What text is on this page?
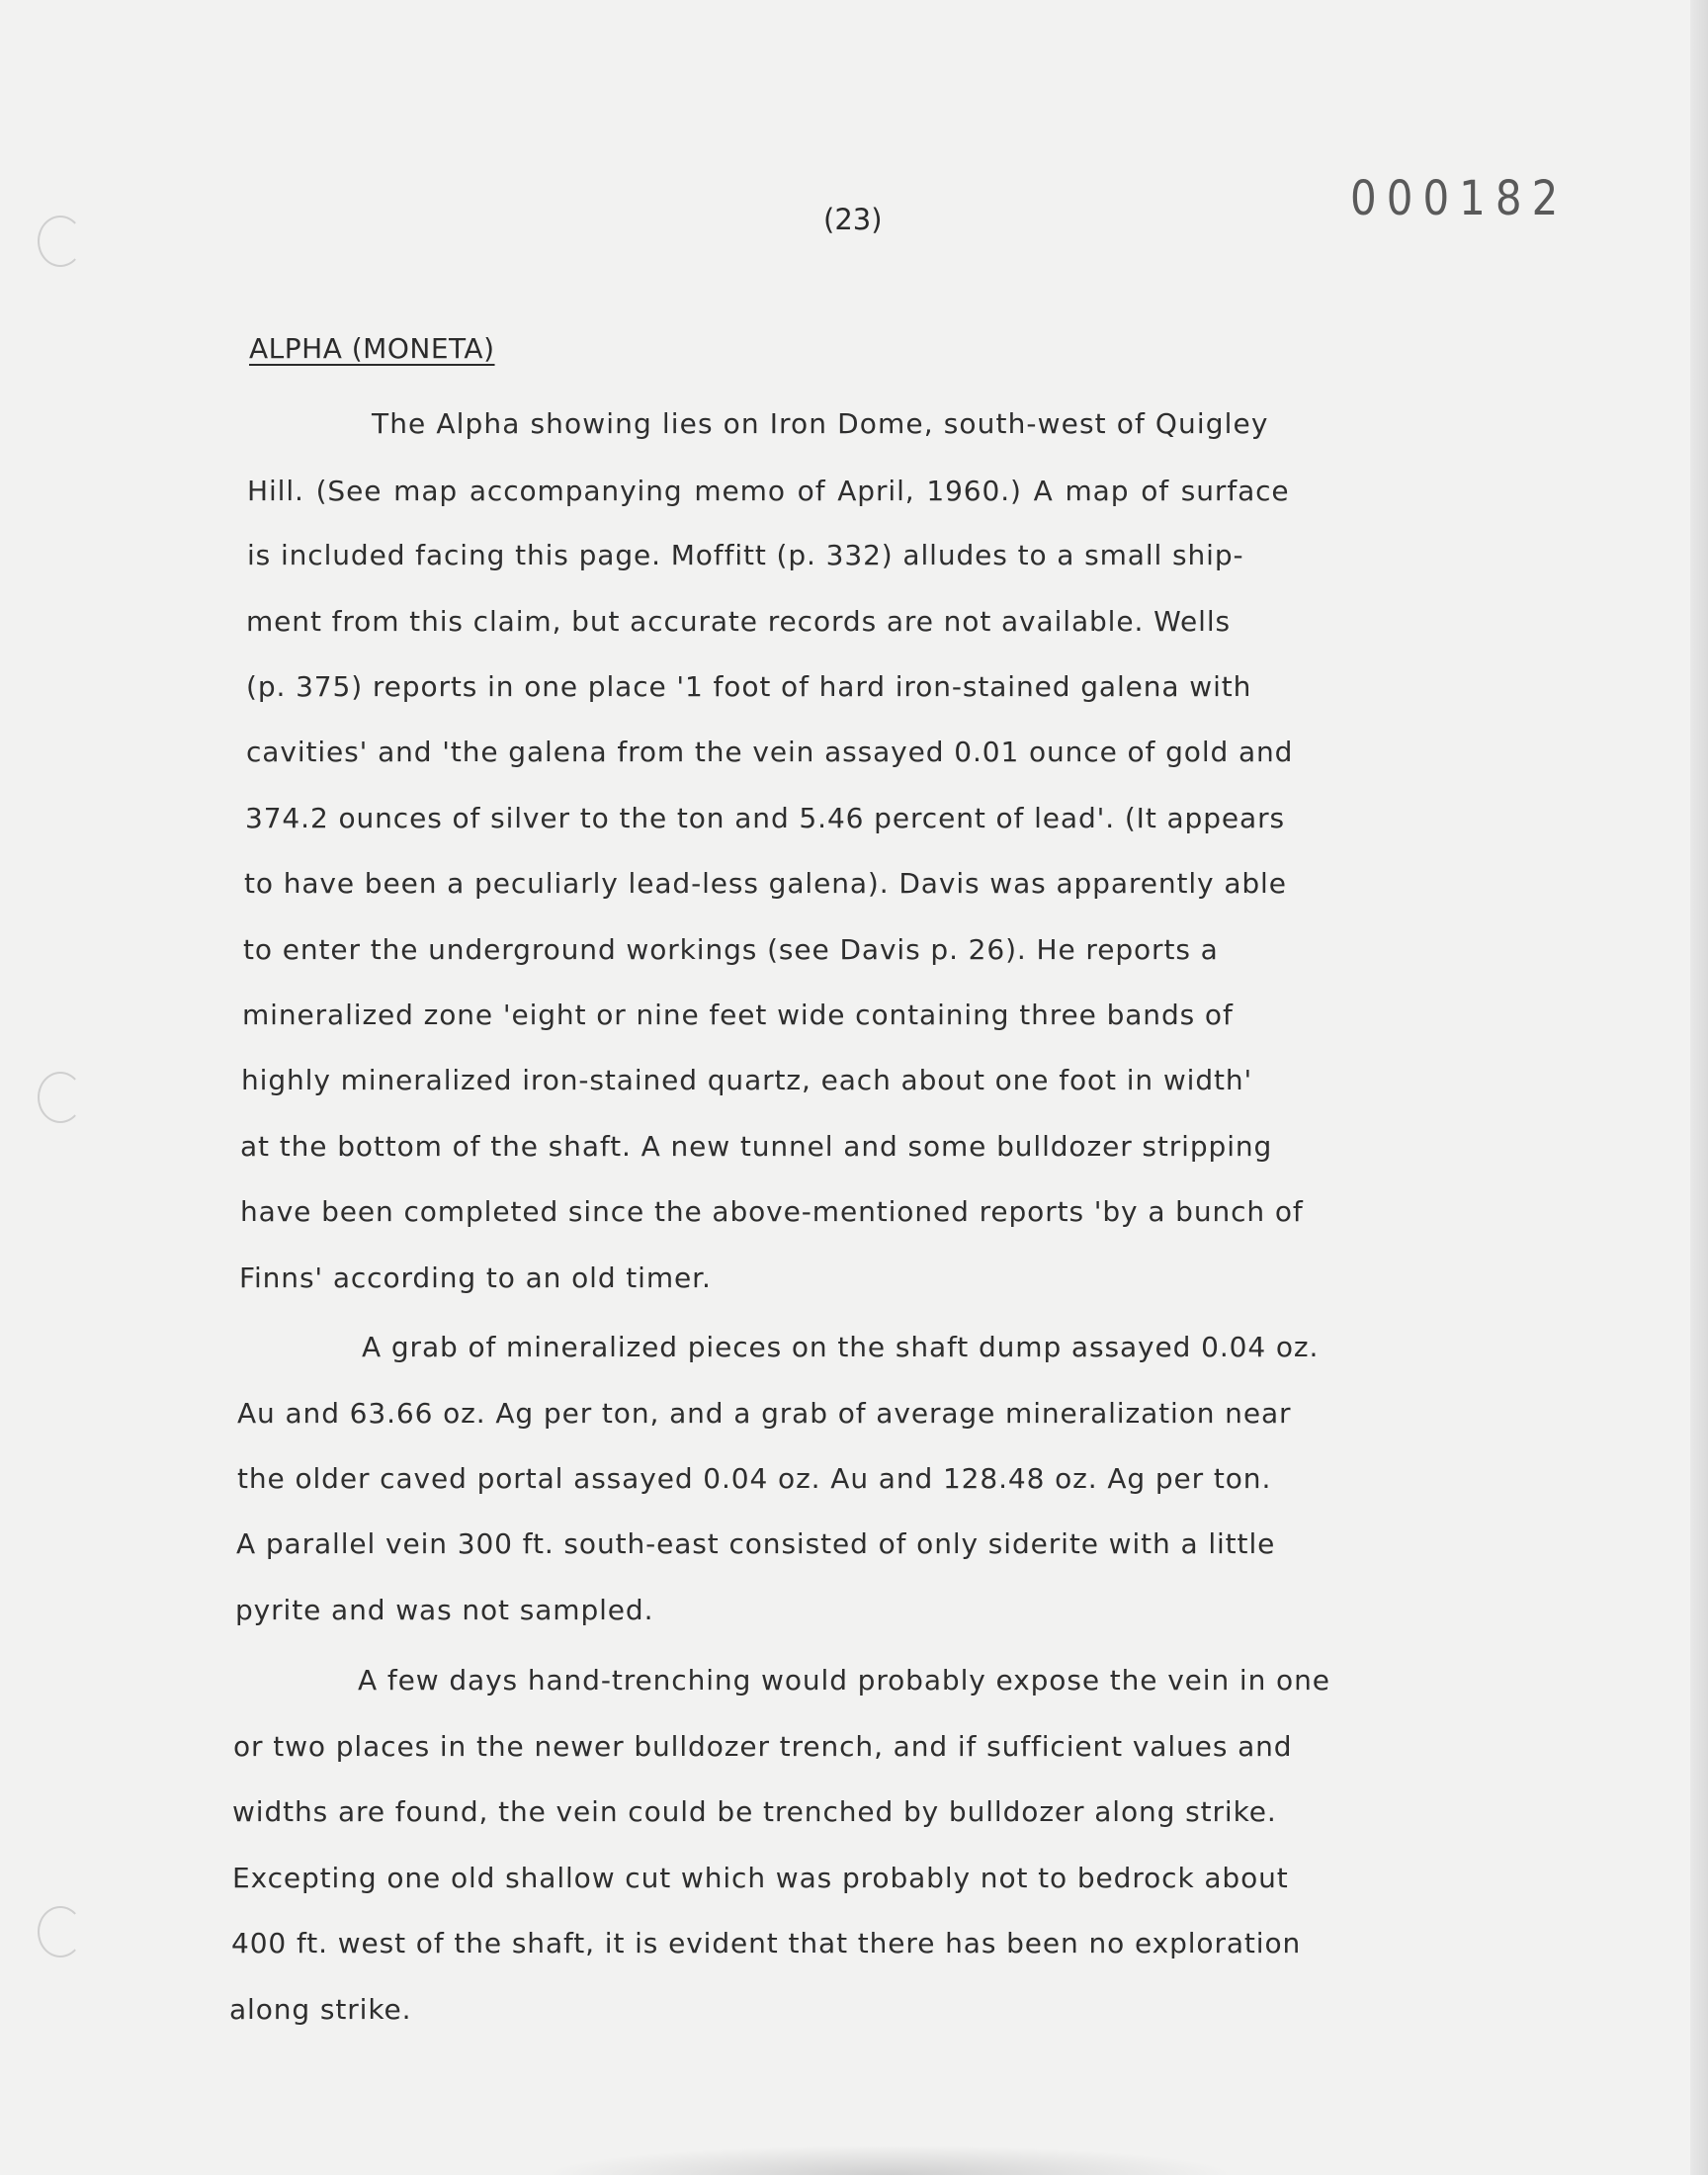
000182
(23)
ALPHA (MONETA)
The Alpha showing lies on Iron Dome, south-west of Quigley
Hill. (See map accompanying memo of April, 1960.) A map of surface
is included facing this page. Moffitt (p. 332) alludes to a small ship-
ment from this claim, but accurate records are not available. Wells
(p. 375) reports in one place '1 foot of hard iron-stained galena with
cavities' and 'the galena from the vein assayed 0.01 ounce of gold and
374.2 ounces of silver to the ton and 5.46 percent of lead'. (It appears
to have been a peculiarly lead-less galena). Davis was apparently able
to enter the underground workings (see Davis p. 26). He reports a
mineralized zone 'eight or nine feet wide containing three bands of
highly mineralized iron-stained quartz, each about one foot in width'
at the bottom of the shaft. A new tunnel and some bulldozer stripping
have been completed since the above-mentioned reports 'by a bunch of
Finns' according to an old timer.
A grab of mineralized pieces on the shaft dump assayed 0.04 oz.
Au and 63.66 oz. Ag per ton, and a grab of average mineralization near
the older caved portal assayed 0.04 oz. Au and 128.48 oz. Ag per ton.
A parallel vein 300 ft. south-east consisted of only siderite with a little
pyrite and was not sampled.
A few days hand-trenching would probably expose the vein in one
or two places in the newer bulldozer trench, and if sufficient values and
widths are found, the vein could be trenched by bulldozer along strike.
Excepting one old shallow cut which was probably not to bedrock about
400 ft. west of the shaft, it is evident that there has been no exploration
along strike.
